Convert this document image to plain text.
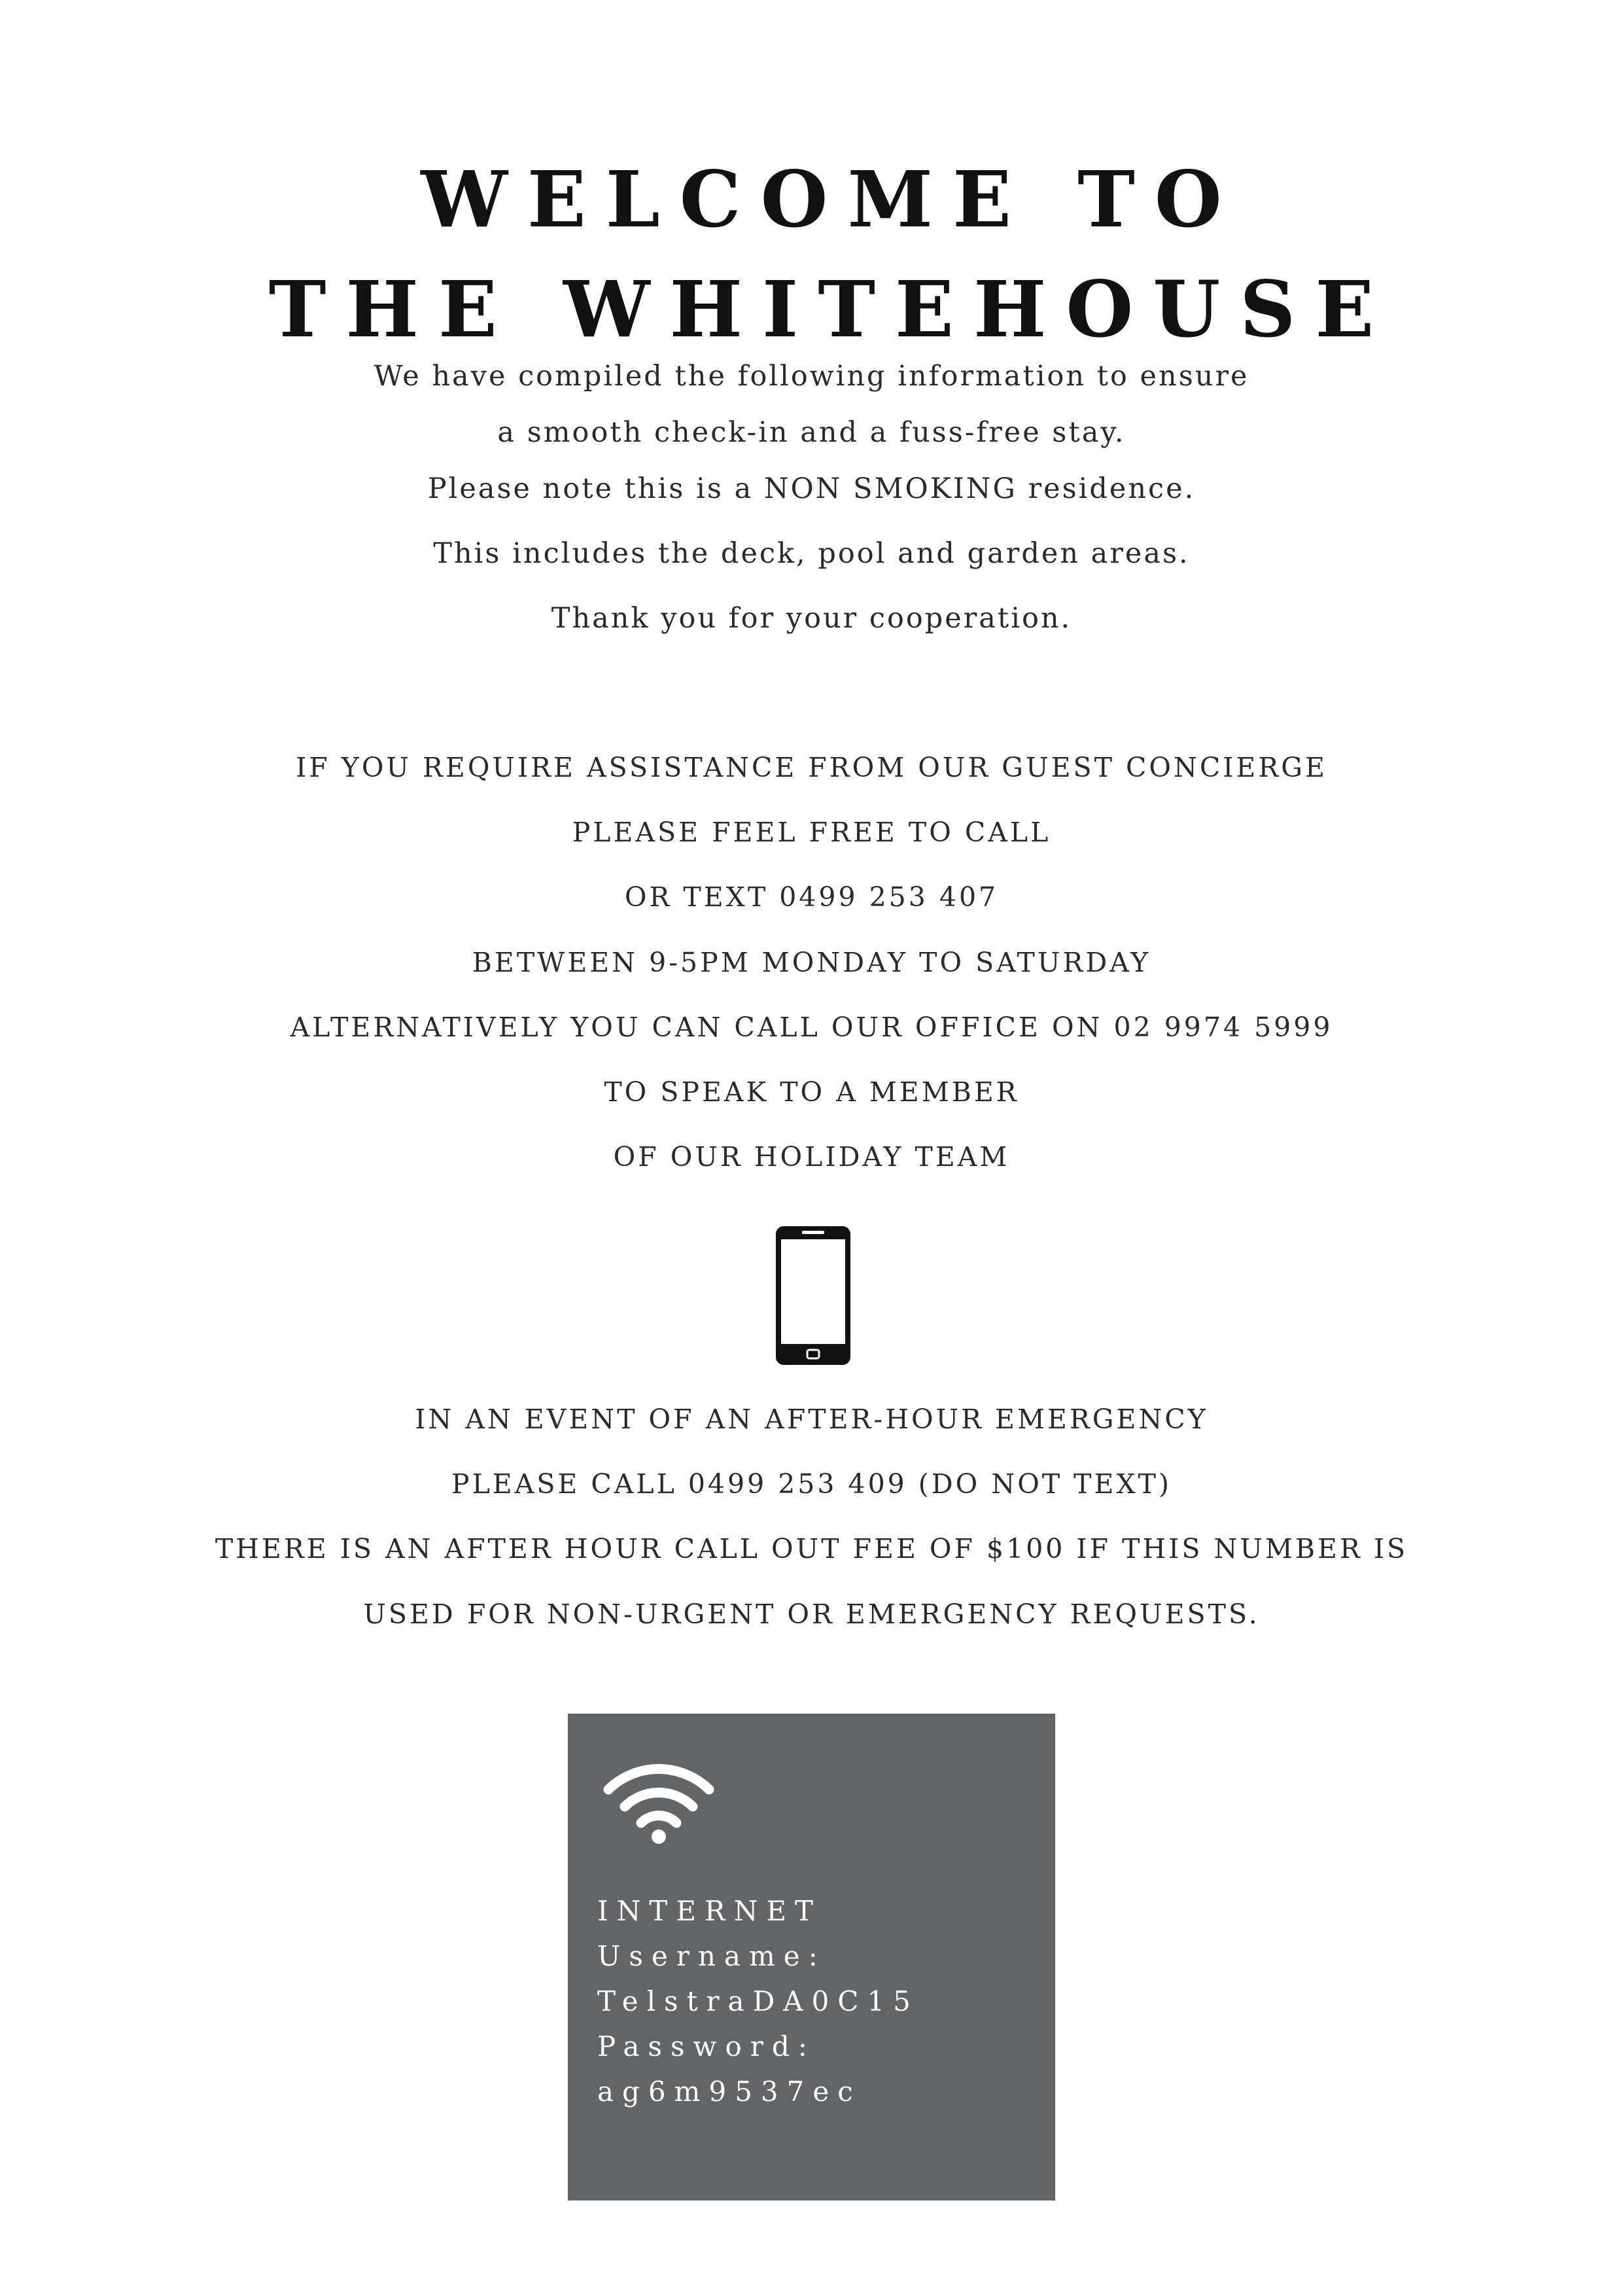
WELCOME TO
THE WHITEHOUSE
We have compiled the following information to ensure
a smooth check-in and a fuss-free stay.
Please note this is a NON SMOKING residence.
This includes the deck, pool and garden areas.
Thank you for your cooperation.
IF YOU REQUIRE ASSISTANCE FROM OUR GUEST CONCIERGE
PLEASE FEEL FREE TO CALL
OR TEXT 0499 253 407
BETWEEN 9-5PM MONDAY TO SATURDAY
ALTERNATIVELY YOU CAN CALL OUR OFFICE ON 02 9974 5999
TO SPEAK TO A MEMBER
OF OUR HOLIDAY TEAM
IN AN EVENT OF AN AFTER-HOUR EMERGENCY
PLEASE CALL 0499 253 409 (DO NOT TEXT)
THERE IS AN AFTER HOUR CALL OUT FEE OF $100 IF THIS NUMBER IS
USED FOR NON-URGENT OR EMERGENCY REQUESTS.
INTERNET
Username:
TelstraDA0C15
Password:
ag6m9537ec
